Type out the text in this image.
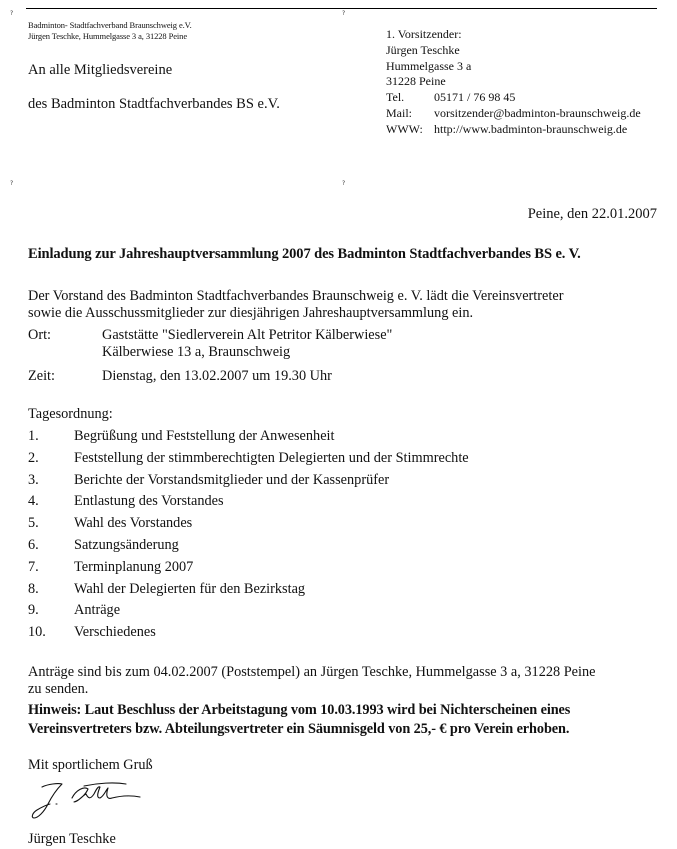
?	?
?	?
Badminton- Stadtfachverband Braunschweig e.V.
Jürgen Teschke, Hummelgasse 3 a, 31228 Peine
An alle Mitgliedsvereine
des Badminton Stadtfachverbandes BS e.V.
1. Vorsitzender:
Jürgen Teschke
Hummelgasse 3 a
31228 Peine
Tel.	05171 / 76 98 45
Mail:	vorsitzender@badminton-braunschweig.de
WWW: http://www.badminton-braunschweig.de
Peine, den 22.01.2007
Einladung zur Jahreshauptversammlung 2007 des Badminton Stadtfachverbandes BS e. V.
Der Vorstand des Badminton Stadtfachverbandes Braunschweig e. V. lädt die Vereinsvertreter
sowie die Ausschussmitglieder zur diesjährigen Jahreshauptversammlung ein.
Ort:	Gaststätte "Siedlerverein Alt Petritor Kälberwiese"
Kälberwiese 13 a, Braunschweig
Zeit:	Dienstag, den 13.02.2007 um 19.30 Uhr
Tagesordnung:
1.	Begrüßung und Feststellung der Anwesenheit
2.	Feststellung der stimmberechtigten Delegierten und der Stimmrechte
3.	Berichte der Vorstandsmitglieder und der Kassenprüfer
4.	Entlastung des Vorstandes
5.	Wahl des Vorstandes
6.	Satzungsänderung
7.	Terminplanung 2007
8.	Wahl der Delegierten für den Bezirkstag
9.	Anträge
10.	Verschiedenes
Anträge sind bis zum 04.02.2007 (Poststempel) an Jürgen Teschke, Hummelgasse 3 a, 31228 Peine
zu senden.
Hinweis: Laut Beschluss der Arbeitstagung vom 10.03.1993 wird bei Nichterscheinen eines
Vereinsvertreters bzw. Abteilungsvertreter ein Säumnisgeld von 25,- € pro Verein erhoben.
Mit sportlichem Gruß
Jürgen Teschke
